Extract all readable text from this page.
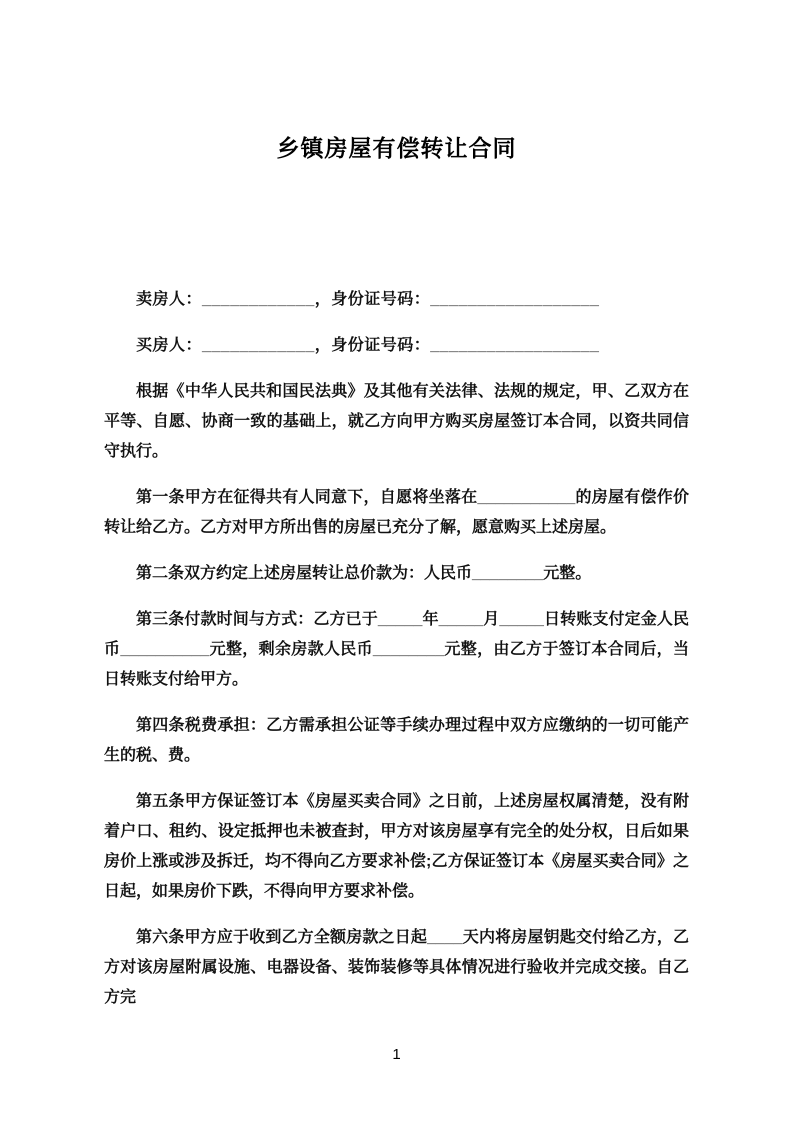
乡镇房屋有偿转让合同

卖房人：____________，身份证号码：__________________

买房人：____________，身份证号码：__________________

根据《中华人民共和国民法典》及其他有关法律、法规的规定，甲、乙双方在平等、自愿、协商一致的基础上，就乙方向甲方购买房屋签订本合同，以资共同信守执行。

第一条甲方在征得共有人同意下，自愿将坐落在___________的房屋有偿作价转让给乙方。乙方对甲方所出售的房屋已充分了解，愿意购买上述房屋。

第二条双方约定上述房屋转让总价款为：人民币________元整。

第三条付款时间与方式：乙方已于_____年_____月_____日转账支付定金人民币__________元整，剩余房款人民币________元整，由乙方于签订本合同后，当日转账支付给甲方。

第四条税费承担：乙方需承担公证等手续办理过程中双方应缴纳的一切可能产生的税、费。

第五条甲方保证签订本《房屋买卖合同》之日前，上述房屋权属清楚，没有附着户口、租约、设定抵押也未被查封，甲方对该房屋享有完全的处分权，日后如果房价上涨或涉及拆迁，均不得向乙方要求补偿;乙方保证签订本《房屋买卖合同》之日起，如果房价下跌，不得向甲方要求补偿。

第六条甲方应于收到乙方全额房款之日起____天内将房屋钥匙交付给乙方，乙方对该房屋附属设施、电器设备、装饰装修等具体情况进行验收并完成交接。自乙方完

1
